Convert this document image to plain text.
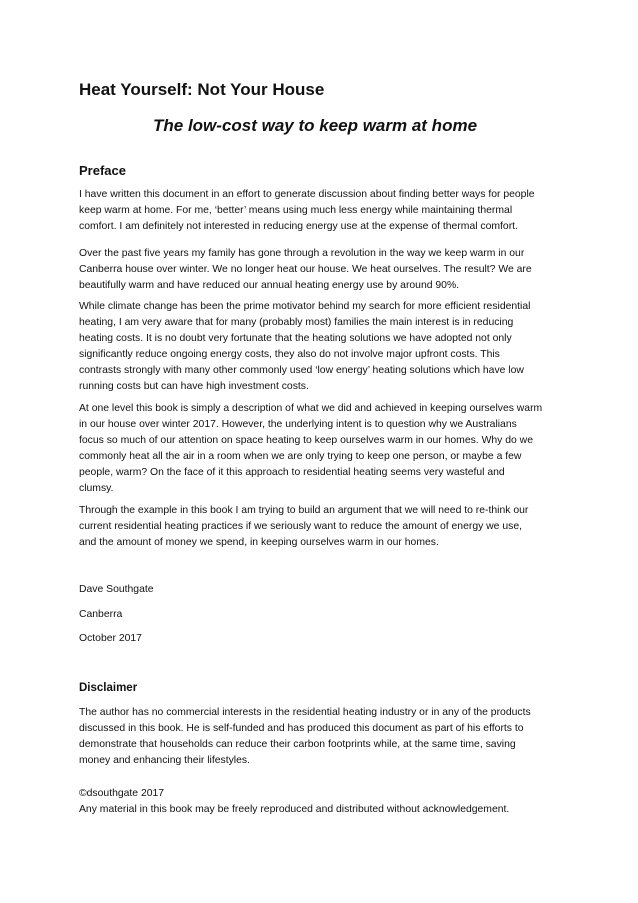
Heat Yourself: Not Your House
The low-cost way to keep warm at home
Preface
I have written this document in an effort to generate discussion about finding better ways for people
keep warm at home. For me, ‘better’ means using much less energy while maintaining thermal
comfort. I am definitely not interested in reducing energy use at the expense of thermal comfort.
Over the past five years my family has gone through a revolution in the way we keep warm in our
Canberra house over winter. We no longer heat our house. We heat ourselves. The result? We are
beautifully warm and have reduced our annual heating energy use by around 90%.
While climate change has been the prime motivator behind my search for more efficient residential
heating, I am very aware that for many (probably most) families the main interest is in reducing
heating costs. It is no doubt very fortunate that the heating solutions we have adopted not only
significantly reduce ongoing energy costs, they also do not involve major upfront costs. This
contrasts strongly with many other commonly used ‘low energy’ heating solutions which have low
running costs but can have high investment costs.
At one level this book is simply a description of what we did and achieved in keeping ourselves warm
in our house over winter 2017. However, the underlying intent is to question why we Australians
focus so much of our attention on space heating to keep ourselves warm in our homes. Why do we
commonly heat all the air in a room when we are only trying to keep one person, or maybe a few
people, warm? On the face of it this approach to residential heating seems very wasteful and
clumsy.
Through the example in this book I am trying to build an argument that we will need to re-think our
current residential heating practices if we seriously want to reduce the amount of energy we use,
and the amount of money we spend, in keeping ourselves warm in our homes.
Dave Southgate
Canberra
October 2017
Disclaimer
The author has no commercial interests in the residential heating industry or in any of the products
discussed in this book. He is self-funded and has produced this document as part of his efforts to
demonstrate that households can reduce their carbon footprints while, at the same time, saving
money and enhancing their lifestyles.
©dsouthgate 2017
Any material in this book may be freely reproduced and distributed without acknowledgement.
